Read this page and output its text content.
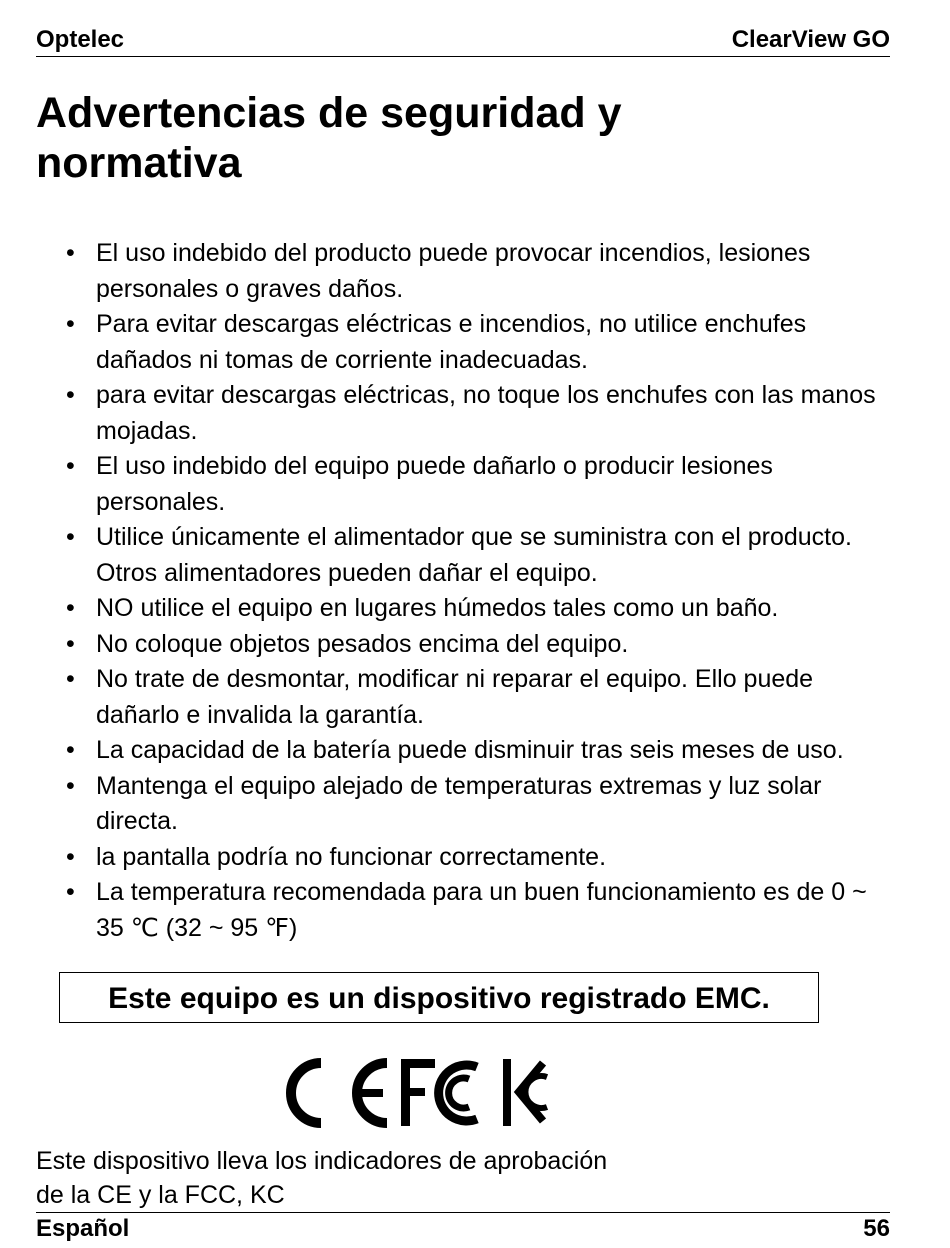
Optelec	ClearView GO
Advertencias de seguridad y normativa
• El uso indebido del producto puede provocar incendios, lesiones personales o graves daños.
• Para evitar descargas eléctricas e incendios, no utilice enchufes dañados ni tomas de corriente inadecuadas.
• para evitar descargas eléctricas, no toque los enchufes con las manos mojadas.
• El uso indebido del equipo puede dañarlo o producir lesiones personales.
• Utilice únicamente el alimentador que se suministra con el producto. Otros alimentadores pueden dañar el equipo.
• NO utilice el equipo en lugares húmedos tales como un baño.
• No coloque objetos pesados encima del equipo.
• No trate de desmontar, modificar ni reparar el equipo. Ello puede dañarlo e invalida la garantía.
• La capacidad de la batería puede disminuir tras seis meses de uso.
• Mantenga el equipo alejado de temperaturas extremas y luz solar directa.
• la pantalla podría no funcionar correctamente.
• La temperatura recomendada para un buen funcionamiento es de 0 ~ 35 ℃ (32 ~ 95 ℉)
Este equipo es un dispositivo registrado EMC.
Este dispositivo lleva los indicadores de aprobación
de la CE y la FCC, KC
Español	56
